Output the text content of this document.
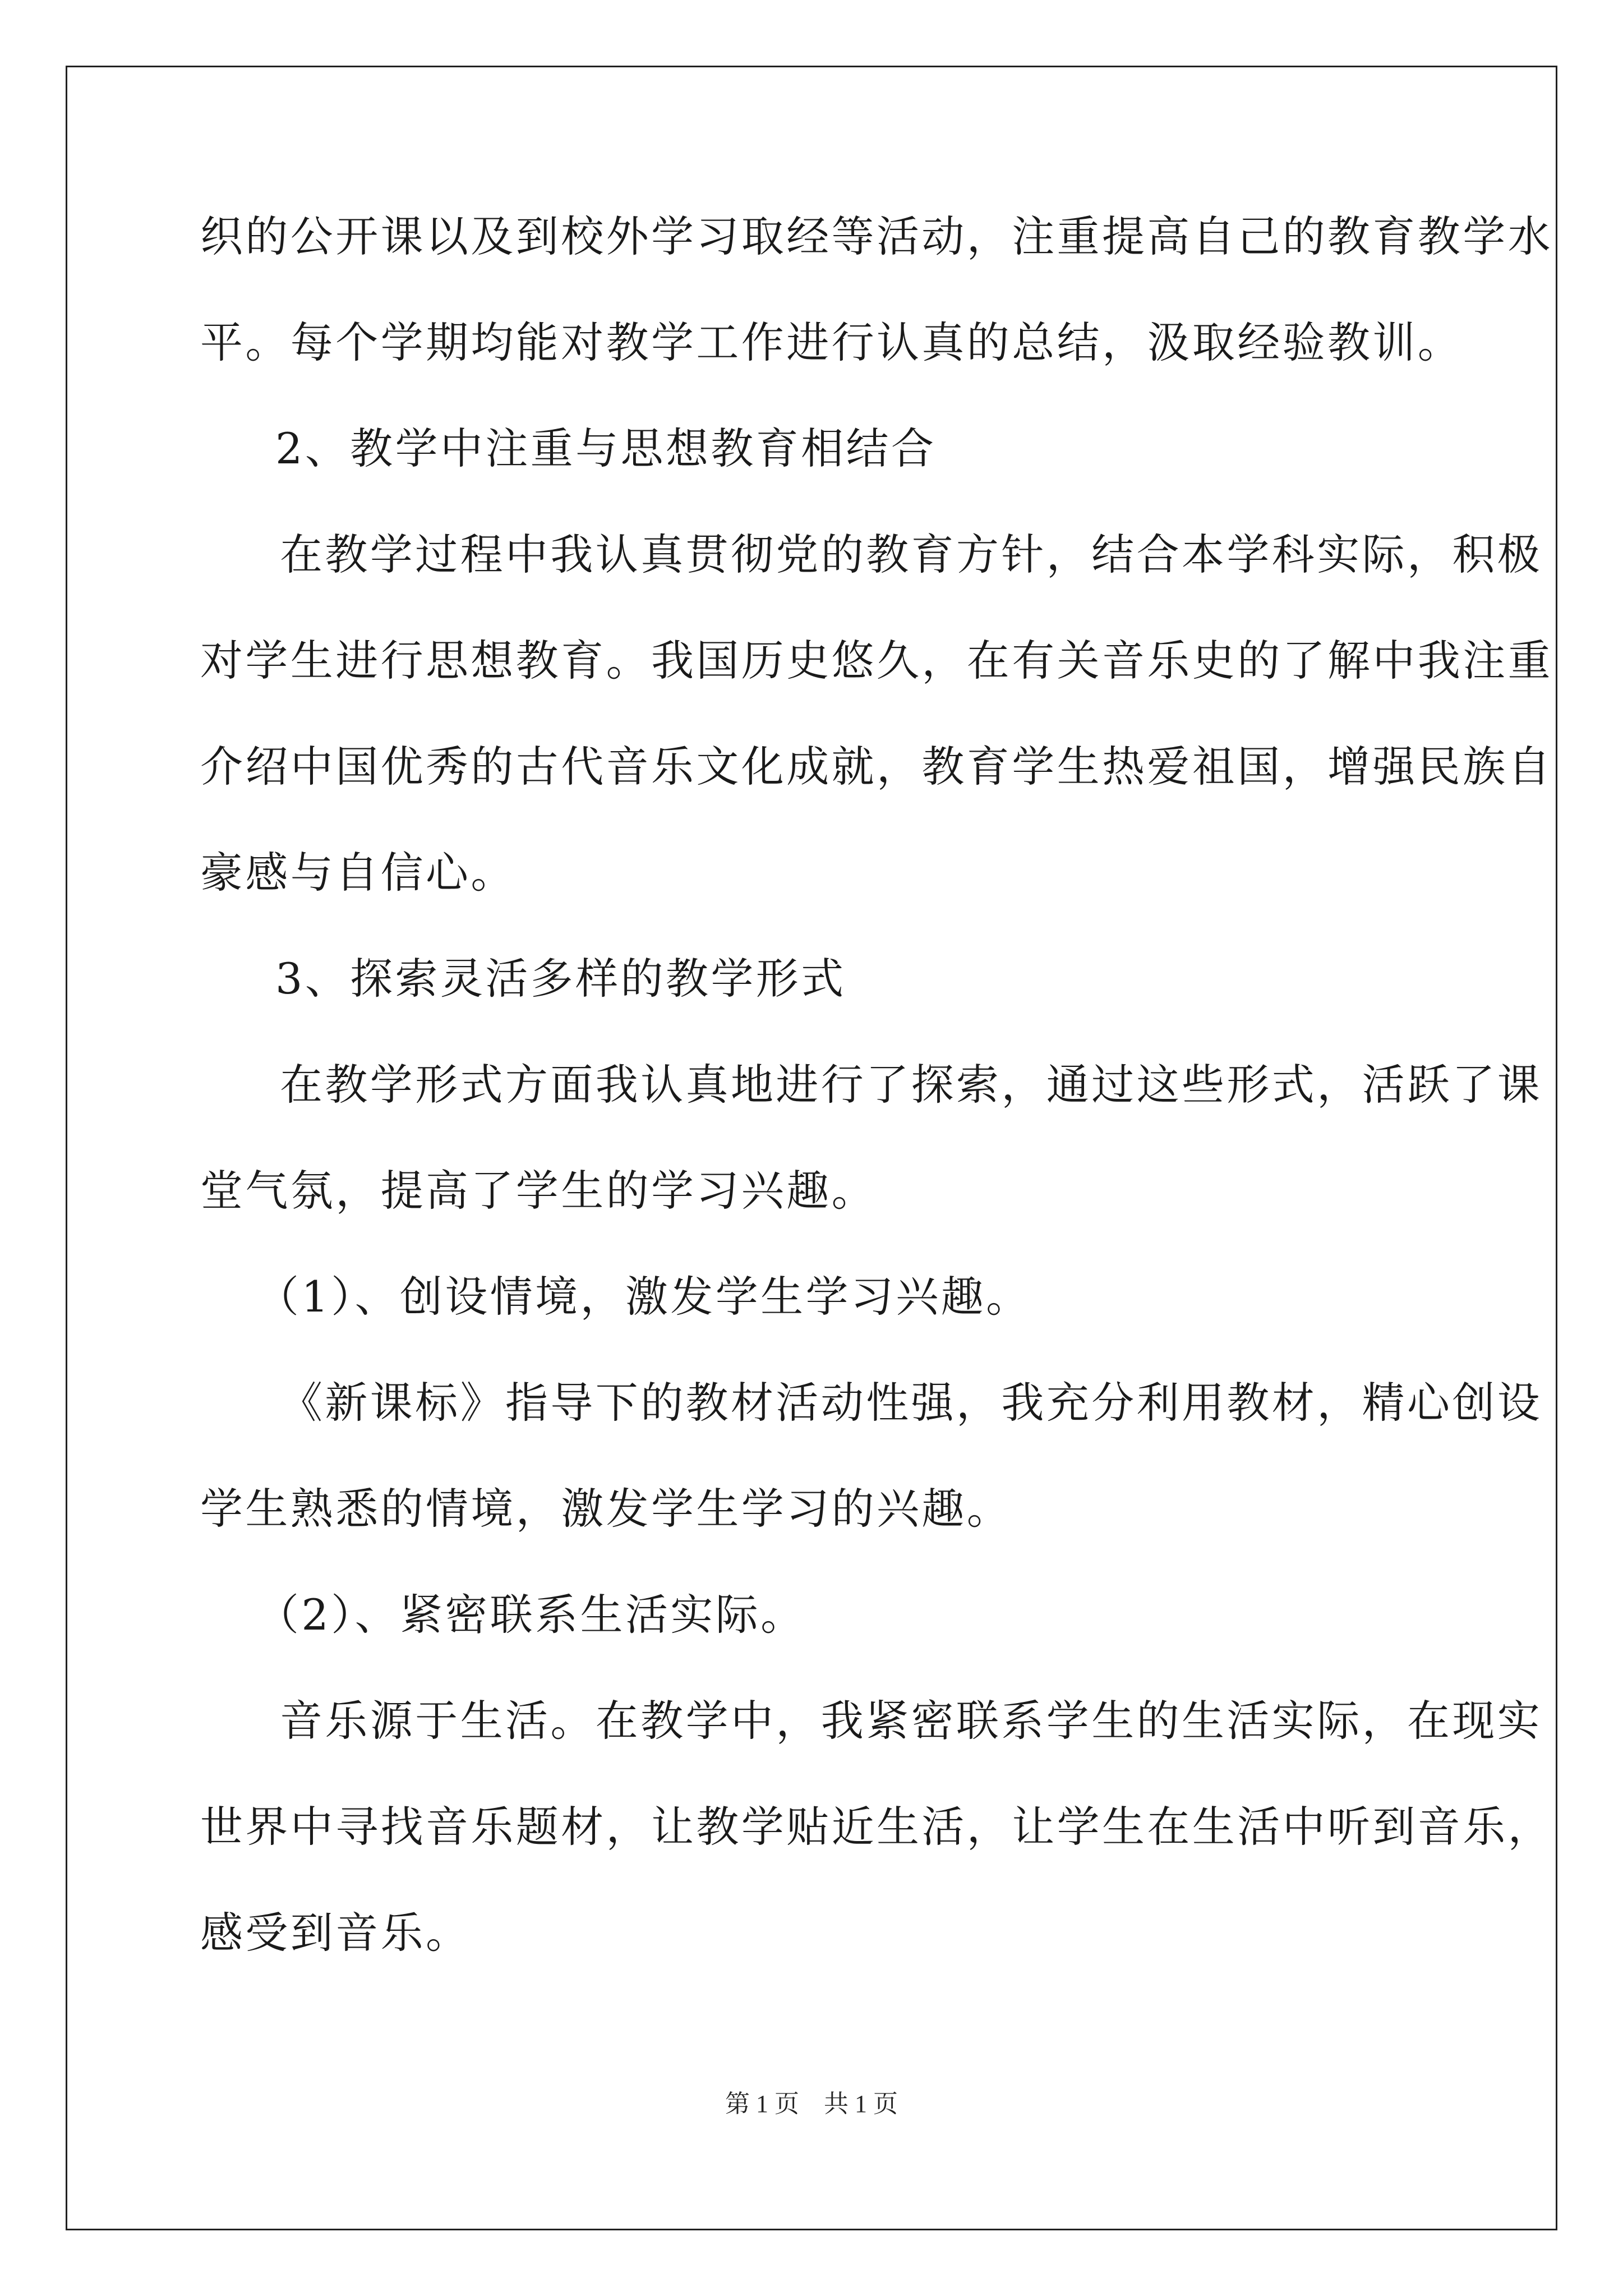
织的公开课以及到校外学习取经等活动，注重提高自己的教育教学水
平。每个学期均能对教学工作进行认真的总结，汲取经验教训。
2、教学中注重与思想教育相结合
在教学过程中我认真贯彻党的教育方针，结合本学科实际，积极
对学生进行思想教育。我国历史悠久，在有关音乐史的了解中我注重
介绍中国优秀的古代音乐文化成就，教育学生热爱祖国，增强民族自
豪感与自信心。
3、探索灵活多样的教学形式
在教学形式方面我认真地进行了探索，通过这些形式，活跃了课
堂气氛，提高了学生的学习兴趣。
（1）、创设情境，激发学生学习兴趣。
《新课标》指导下的教材活动性强，我充分利用教材，精心创设
学生熟悉的情境，激发学生学习的兴趣。
（2）、紧密联系生活实际。
音乐源于生活。在教学中，我紧密联系学生的生活实际，在现实
世界中寻找音乐题材，让教学贴近生活，让学生在生活中听到音乐，
感受到音乐。
第 1 页　共 1 页
